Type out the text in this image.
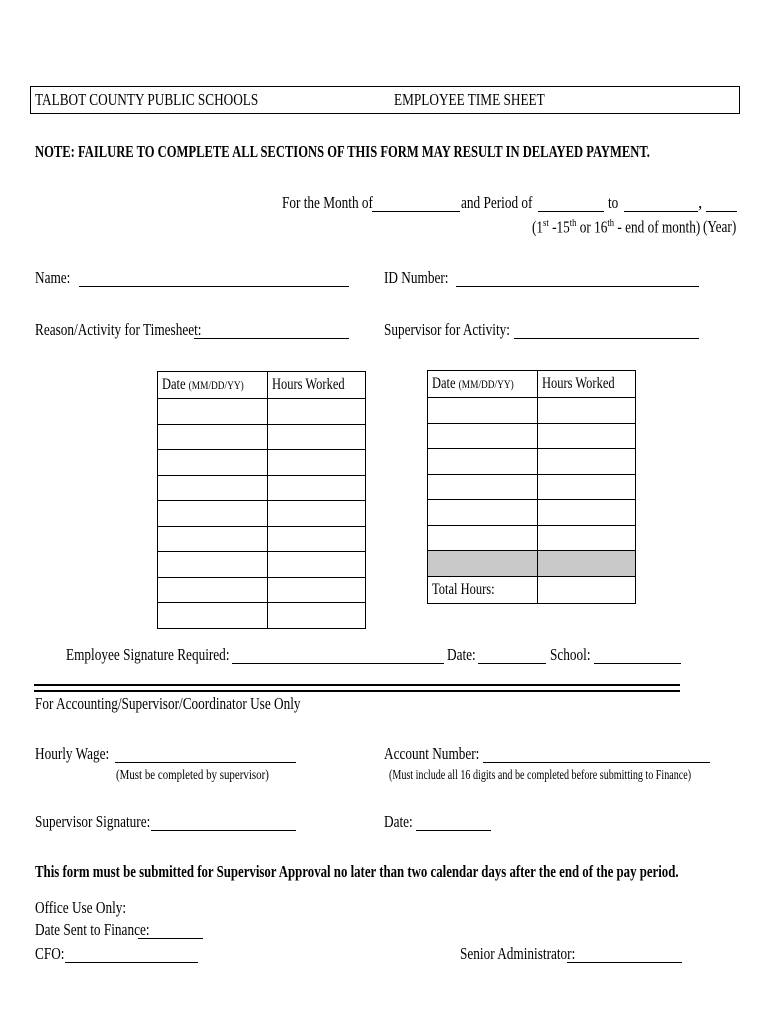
TALBOT COUNTY PUBLIC SCHOOLS	EMPLOYEE TIME SHEET
NOTE: FAILURE TO COMPLETE ALL SECTIONS OF THIS FORM MAY RESULT IN DELAYED PAYMENT.
For the Month of	and Period of	to	,
(1st -15th or 16th - end of month) (Year)
Name:	ID Number:
Reason/Activity for Timesheet:	Supervisor for Activity:
Date (MM/DD/YY)	Hours Worked

		Date (MM/DD/YY)	Hours Worked

Total Hours:	
Employee Signature Required:	Date:	School:
For Accounting/Supervisor/Coordinator Use Only
Hourly Wage:
(Must be completed by supervisor)
Account Number:
(Must include all 16 digits and be completed before submitting to Finance)
Supervisor Signature:	Date:
This form must be submitted for Supervisor Approval no later than two calendar days after the end of the pay period.
Office Use Only:
Date Sent to Finance:
CFO:	Senior Administrator:
